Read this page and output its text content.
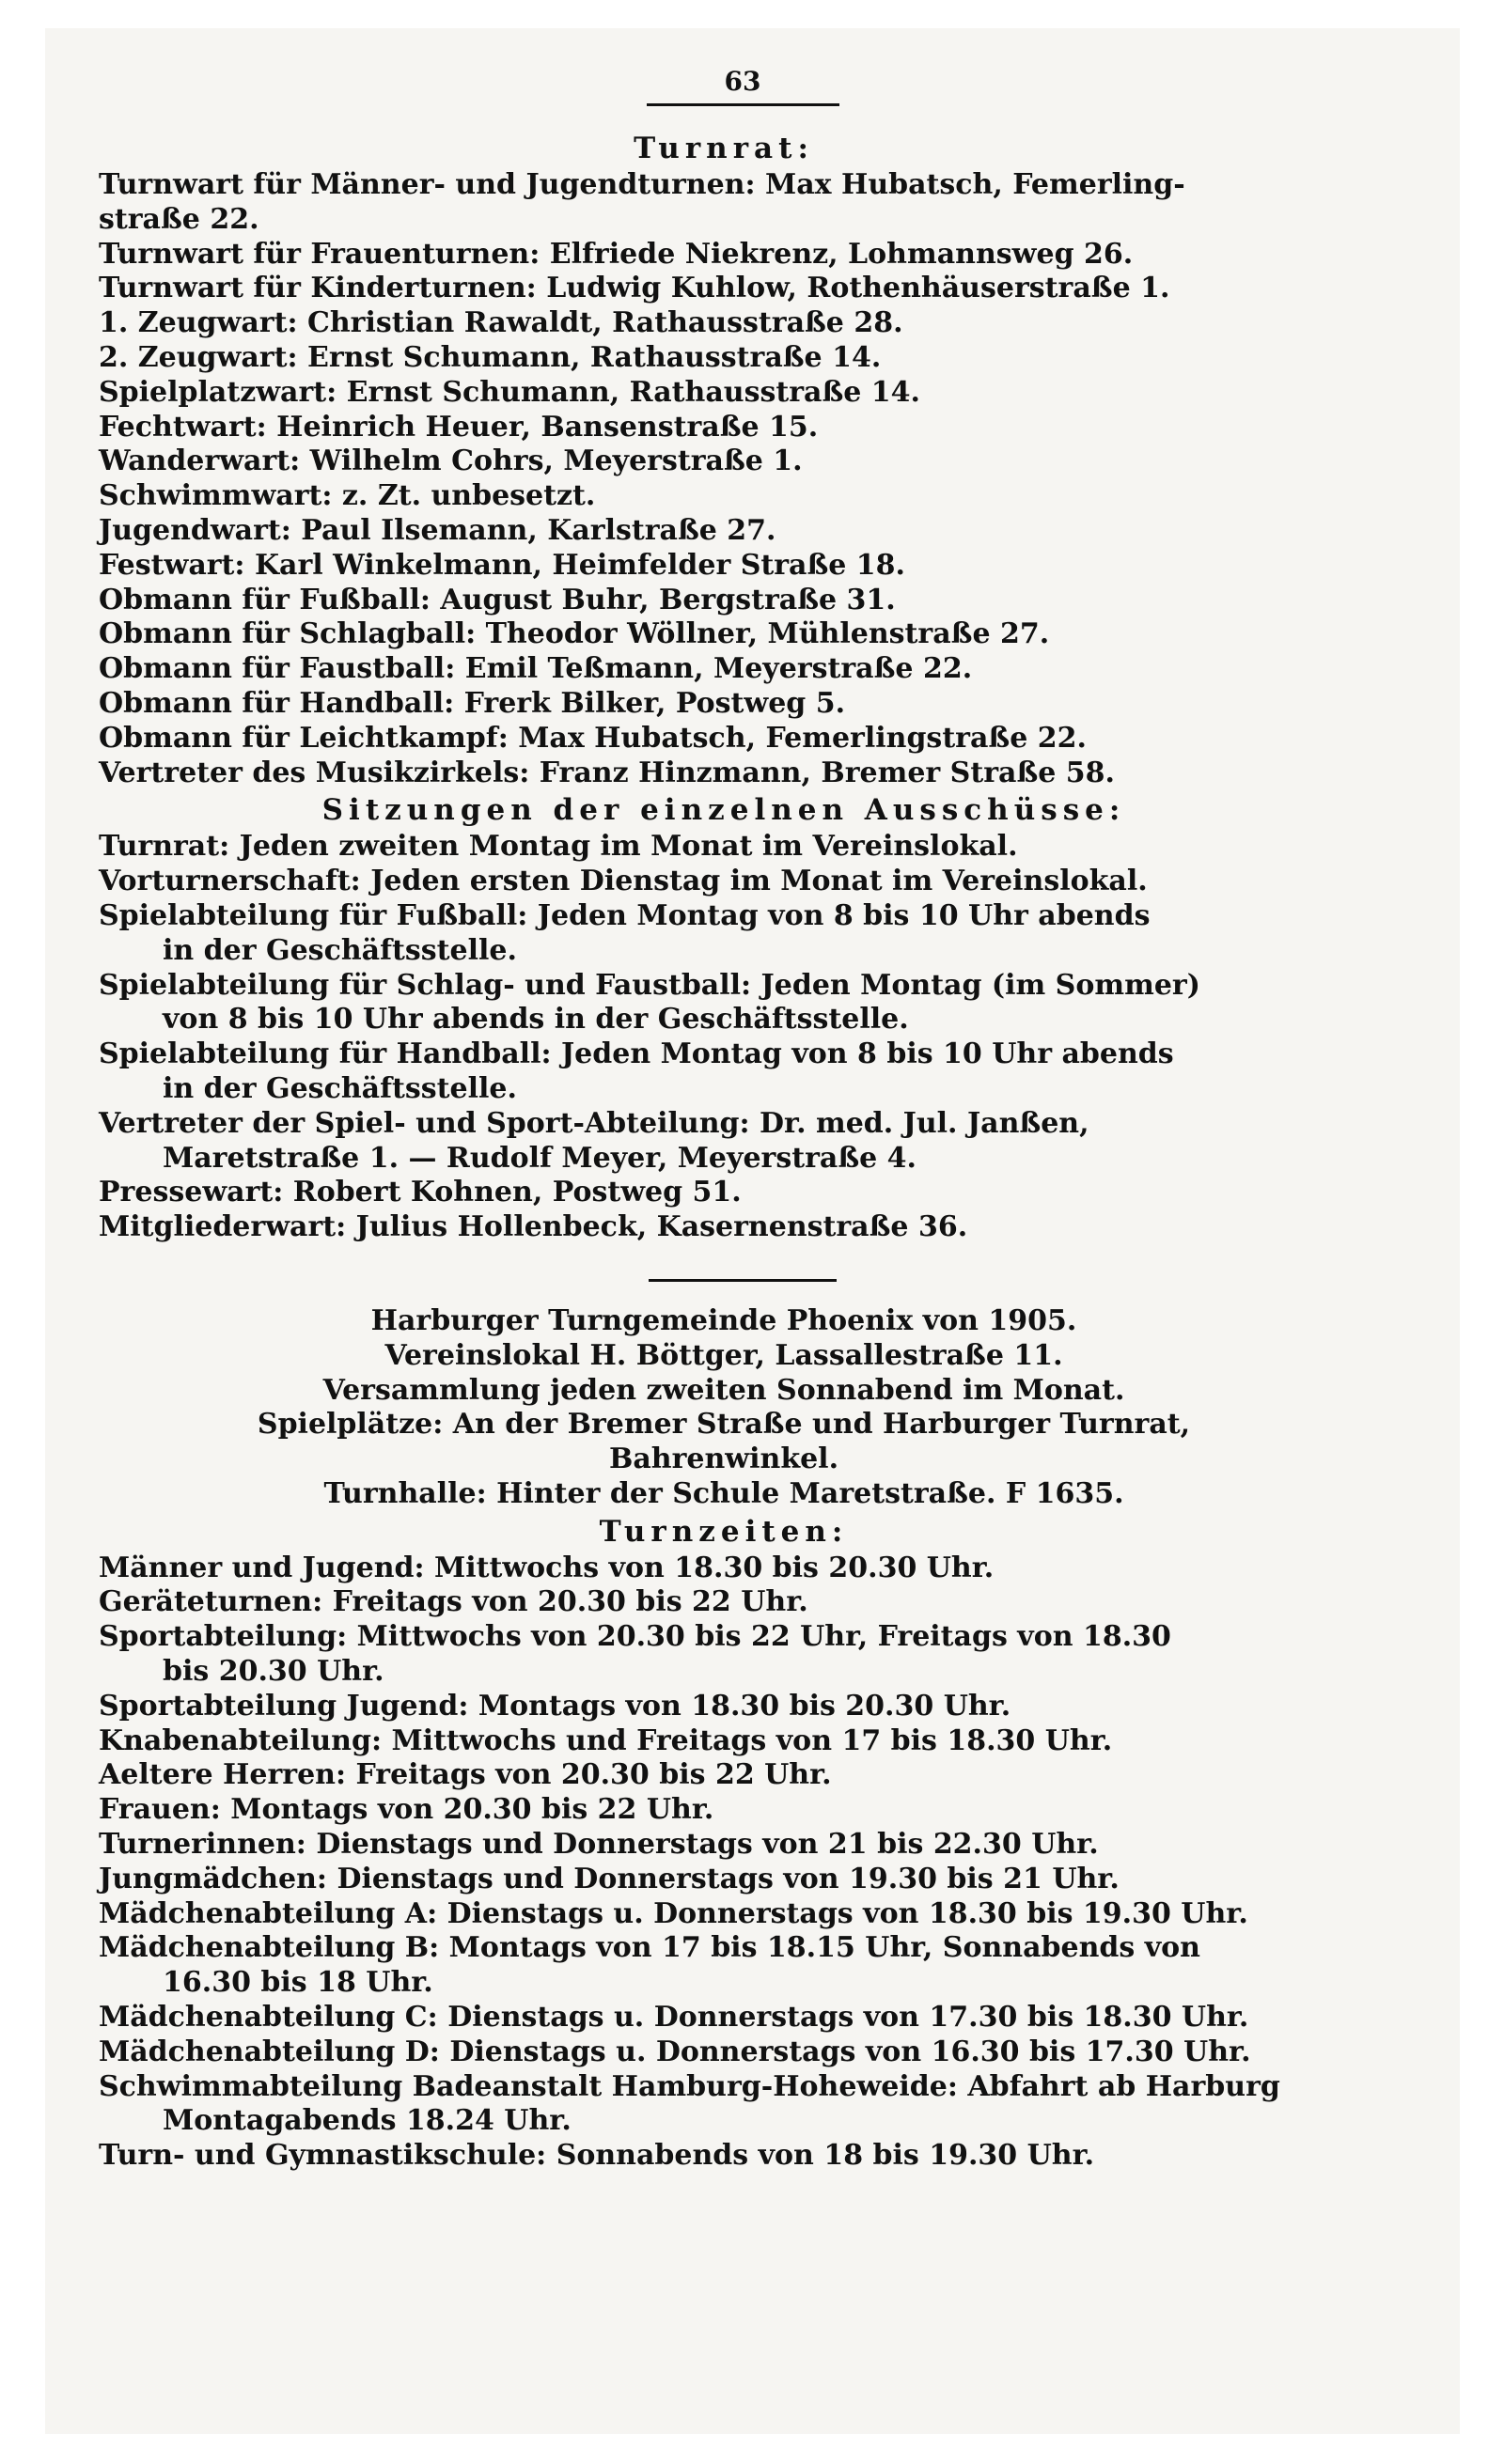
63
Turnrat:
Turnwart für Männer- und Jugendturnen: Max Hubatsch, Femerling-
straße 22.
Turnwart für Frauenturnen: Elfriede Niekrenz, Lohmannsweg 26.
Turnwart für Kinderturnen: Ludwig Kuhlow, Rothenhäuserstraße 1.
1. Zeugwart: Christian Rawaldt, Rathausstraße 28.
2. Zeugwart: Ernst Schumann, Rathausstraße 14.
Spielplatzwart: Ernst Schumann, Rathausstraße 14.
Fechtwart: Heinrich Heuer, Bansenstraße 15.
Wanderwart: Wilhelm Cohrs, Meyerstraße 1.
Schwimmwart: z. Zt. unbesetzt.
Jugendwart: Paul Ilsemann, Karlstraße 27.
Festwart: Karl Winkelmann, Heimfelder Straße 18.
Obmann für Fußball: August Buhr, Bergstraße 31.
Obmann für Schlagball: Theodor Wöllner, Mühlenstraße 27.
Obmann für Faustball: Emil Teßmann, Meyerstraße 22.
Obmann für Handball: Frerk Bilker, Postweg 5.
Obmann für Leichtkampf: Max Hubatsch, Femerlingstraße 22.
Vertreter des Musikzirkels: Franz Hinzmann, Bremer Straße 58.
Sitzungen der einzelnen Ausschüsse:
Turnrat: Jeden zweiten Montag im Monat im Vereinslokal.
Vorturnerschaft: Jeden ersten Dienstag im Monat im Vereinslokal.
Spielabteilung für Fußball: Jeden Montag von 8 bis 10 Uhr abends
in der Geschäftsstelle.
Spielabteilung für Schlag- und Faustball: Jeden Montag (im Sommer)
von 8 bis 10 Uhr abends in der Geschäftsstelle.
Spielabteilung für Handball: Jeden Montag von 8 bis 10 Uhr abends
in der Geschäftsstelle.
Vertreter der Spiel- und Sport-Abteilung: Dr. med. Jul. Janßen,
Maretstraße 1. — Rudolf Meyer, Meyerstraße 4.
Pressewart: Robert Kohnen, Postweg 51.
Mitgliederwart: Julius Hollenbeck, Kasernenstraße 36.
Harburger Turngemeinde Phoenix von 1905.
Vereinslokal H. Böttger, Lassallestraße 11.
Versammlung jeden zweiten Sonnabend im Monat.
Spielplätze: An der Bremer Straße und Harburger Turnrat,
Bahrenwinkel.
Turnhalle: Hinter der Schule Maretstraße. F 1635.
Turnzeiten:
Männer und Jugend: Mittwochs von 18.30 bis 20.30 Uhr.
Geräteturnen: Freitags von 20.30 bis 22 Uhr.
Sportabteilung: Mittwochs von 20.30 bis 22 Uhr, Freitags von 18.30
bis 20.30 Uhr.
Sportabteilung Jugend: Montags von 18.30 bis 20.30 Uhr.
Knabenabteilung: Mittwochs und Freitags von 17 bis 18.30 Uhr.
Aeltere Herren: Freitags von 20.30 bis 22 Uhr.
Frauen: Montags von 20.30 bis 22 Uhr.
Turnerinnen: Dienstags und Donnerstags von 21 bis 22.30 Uhr.
Jungmädchen: Dienstags und Donnerstags von 19.30 bis 21 Uhr.
Mädchenabteilung A: Dienstags u. Donnerstags von 18.30 bis 19.30 Uhr.
Mädchenabteilung B: Montags von 17 bis 18.15 Uhr, Sonnabends von
16.30 bis 18 Uhr.
Mädchenabteilung C: Dienstags u. Donnerstags von 17.30 bis 18.30 Uhr.
Mädchenabteilung D: Dienstags u. Donnerstags von 16.30 bis 17.30 Uhr.
Schwimmabteilung Badeanstalt Hamburg-Hoheweide: Abfahrt ab Harburg
Montagabends 18.24 Uhr.
Turn- und Gymnastikschule: Sonnabends von 18 bis 19.30 Uhr.
